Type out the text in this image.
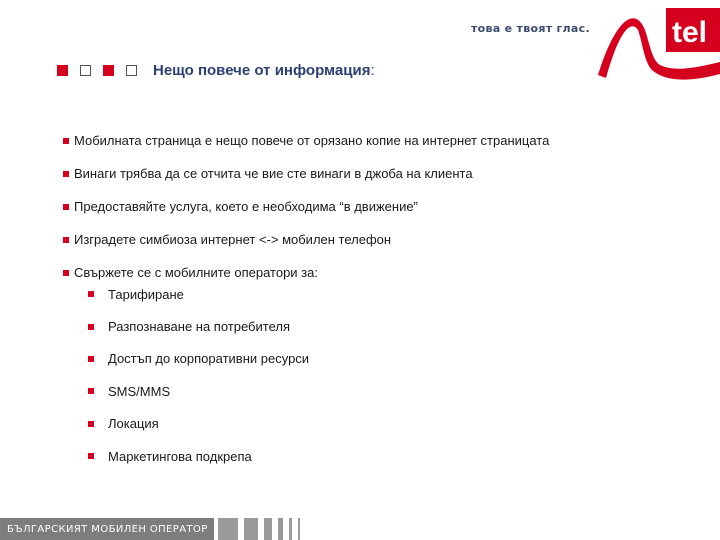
това е твоят глас.	tel
Нещо повече от информация :
Мобилната страница е нещо повече от орязано копие на интернет страницата
Винаги трябва да се отчита че вие сте винаги в джоба на клиента
Предоставяйте услуга, което е необходима “в движение”
Изградете симбиоза интернет <-> мобилен телефон
Свържете се с мобилните оператори за:
Тарифиране
Разпознаване на потребителя
Достъп до корпоративни ресурси
SMS/MMS
Локация
Маркетингова подкрепа
БЪЛГАРСКИЯТ МОБИЛЕН ОПЕРАТОР
